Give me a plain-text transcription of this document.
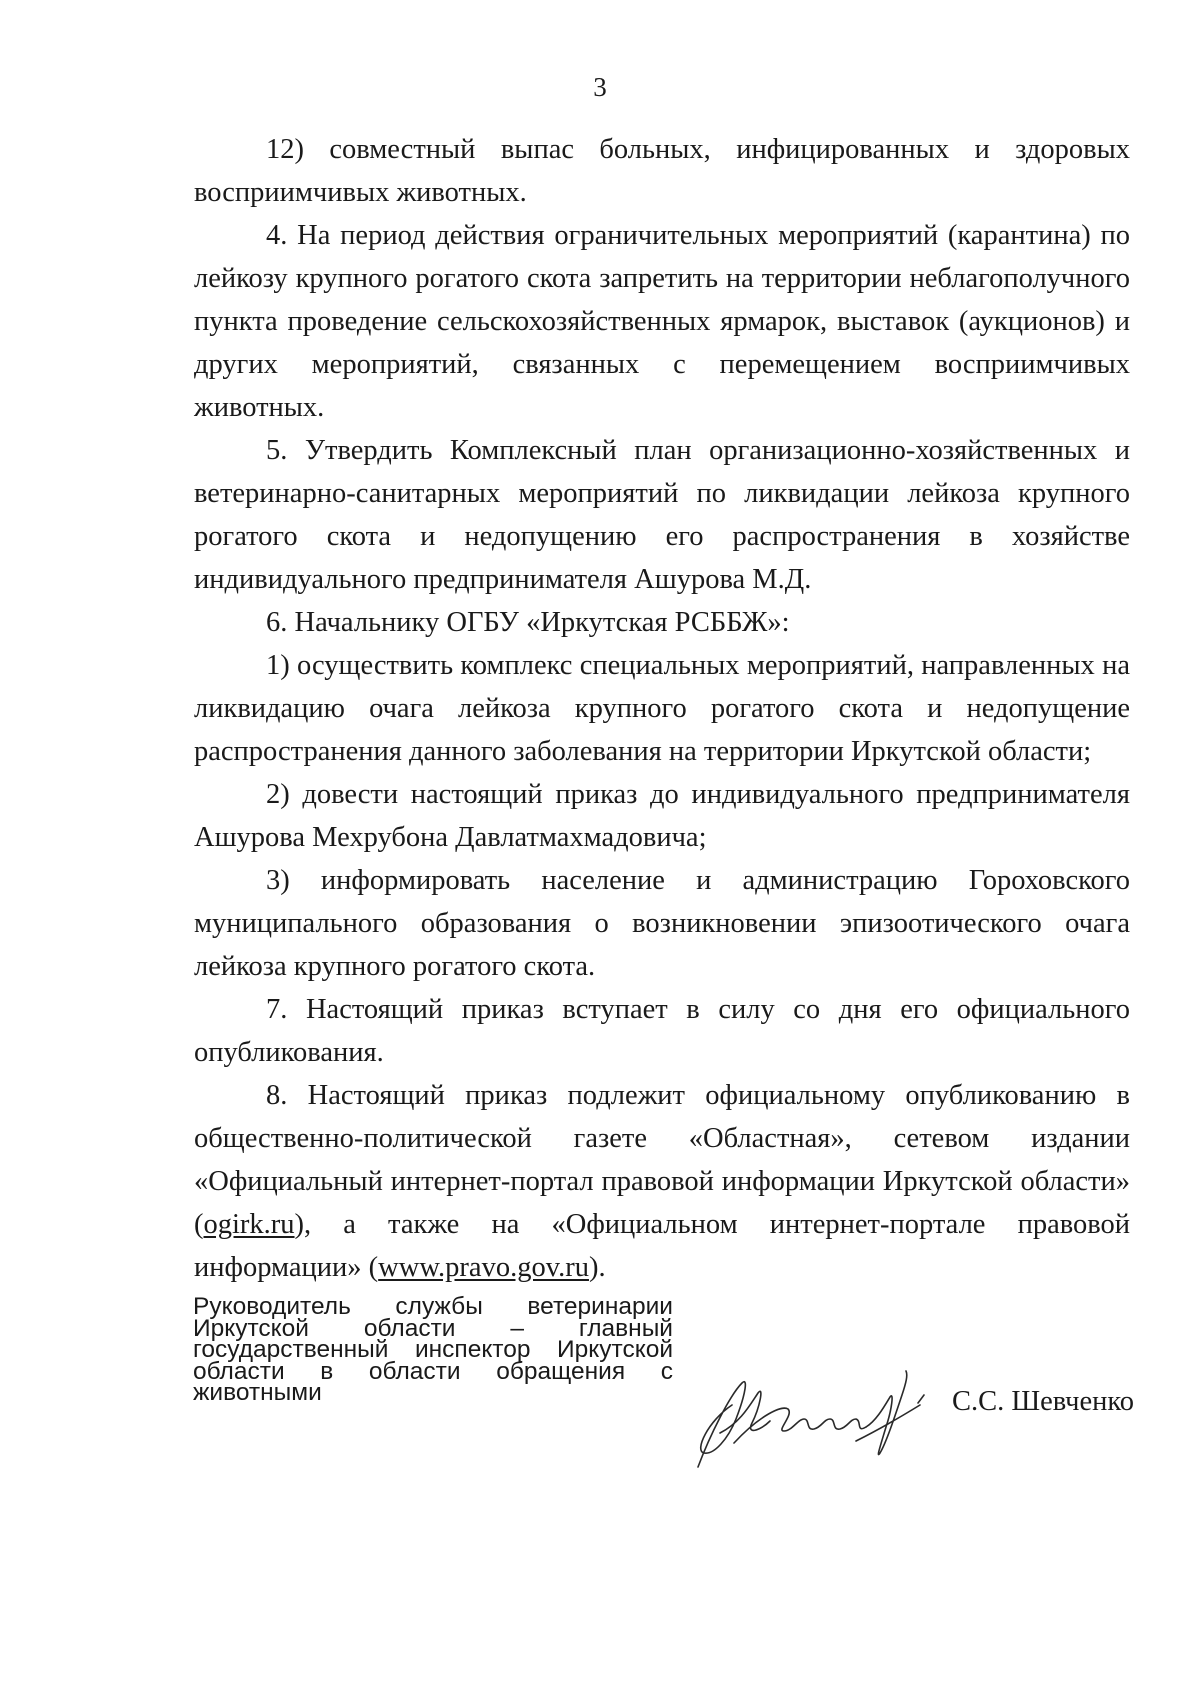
3

12) совместный выпас больных, инфицированных и здоровых восприимчивых животных.

4. На период действия ограничительных мероприятий (карантина) по лейкозу крупного рогатого скота запретить на территории неблагополучного пункта проведение сельскохозяйственных ярмарок, выставок (аукционов) и других мероприятий, связанных с перемещением восприимчивых животных.

5. Утвердить Комплексный план организационно-хозяйственных и ветеринарно-санитарных мероприятий по ликвидации лейкоза крупного рогатого скота и недопущению его распространения в хозяйстве индивидуального предпринимателя Ашурова М.Д.

6. Начальнику ОГБУ «Иркутская РСББЖ»:

1) осуществить комплекс специальных мероприятий, направленных на ликвидацию очага лейкоза крупного рогатого скота и недопущение распространения данного заболевания на территории Иркутской области;

2) довести настоящий приказ до индивидуального предпринимателя Ашурова Мехрубона Давлатмахмадовича;

3) информировать население и администрацию Гороховского муниципального образования о возникновении эпизоотического очага лейкоза крупного рогатого скота.

7. Настоящий приказ вступает в силу со дня его официального опубликования.

8. Настоящий приказ подлежит официальному опубликованию в общественно-политической газете «Областная», сетевом издании «Официальный интернет-портал правовой информации Иркутской области» (ogirk.ru), а также на «Официальном интернет-портале правовой информации» (www.pravo.gov.ru).

Руководитель службы ветеринарии Иркутской области – главный государственный инспектор Иркутской области в области обращения с животными	С.С. Шевченко
